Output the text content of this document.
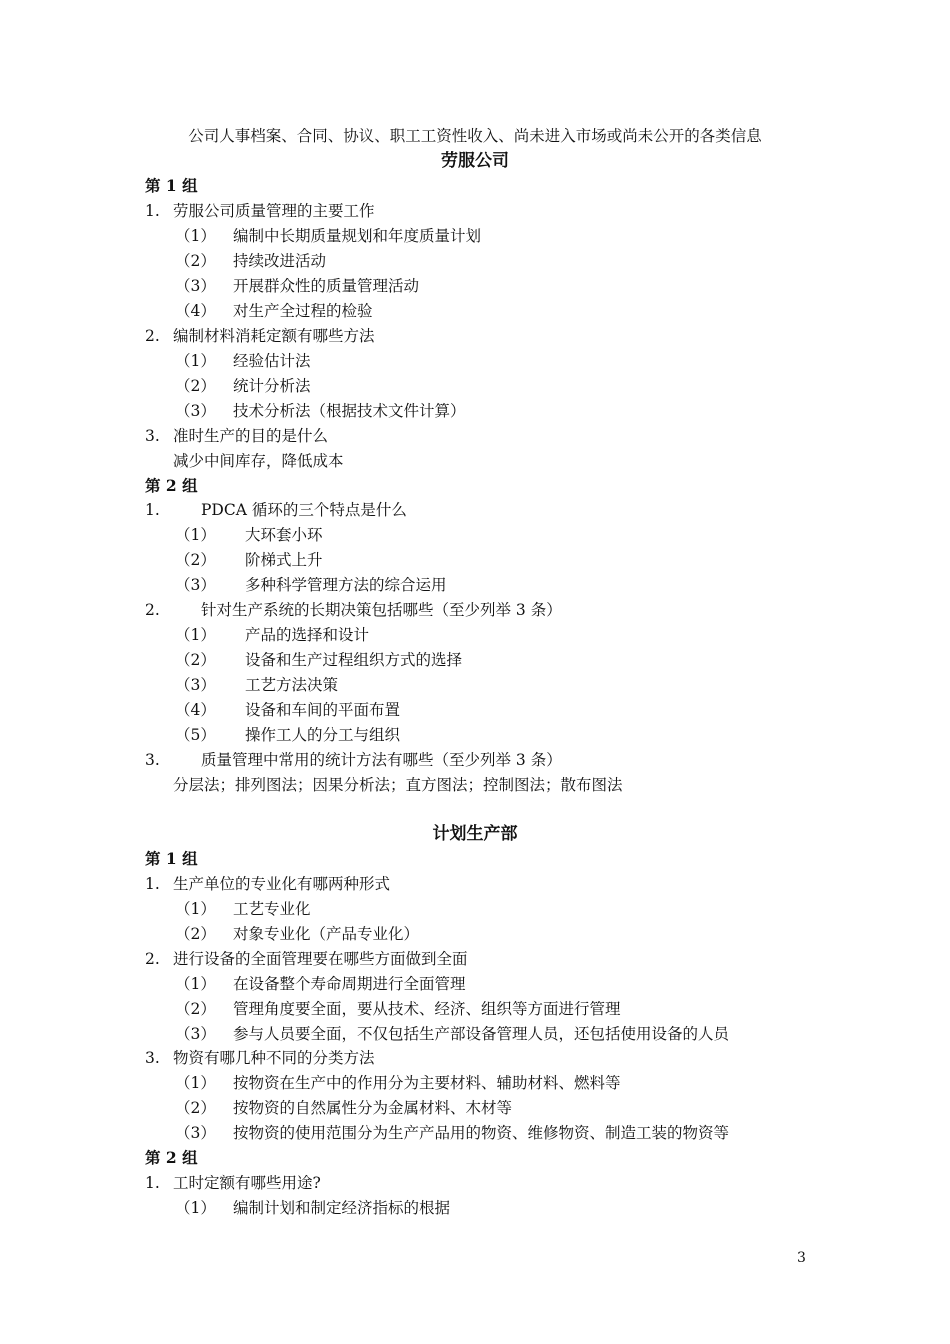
公司人事档案、合同、协议、职工工资性收入、尚未进入市场或尚未公开的各类信息
劳服公司
第 1 组
1. 劳服公司质量管理的主要工作
（1） 编制中长期质量规划和年度质量计划
（2） 持续改进活动
（3） 开展群众性的质量管理活动
（4） 对生产全过程的检验
2. 编制材料消耗定额有哪些方法
（1） 经验估计法
（2） 统计分析法
（3） 技术分析法（根据技术文件计算）
3. 准时生产的目的是什么
减少中间库存，降低成本
第 2 组
1.	PDCA 循环的三个特点是什么
（1） 大环套小环
（2） 阶梯式上升
（3） 多种科学管理方法的综合运用
2.	针对生产系统的长期决策包括哪些（至少列举 3 条）
（1） 产品的选择和设计
（2） 设备和生产过程组织方式的选择
（3） 工艺方法决策
（4） 设备和车间的平面布置
（5） 操作工人的分工与组织
3.	质量管理中常用的统计方法有哪些（至少列举 3 条）
分层法；排列图法；因果分析法；直方图法；控制图法；散布图法
计划生产部
第 1 组
1. 生产单位的专业化有哪两种形式
（1） 工艺专业化
（2） 对象专业化（产品专业化）
2. 进行设备的全面管理要在哪些方面做到全面
（1） 在设备整个寿命周期进行全面管理
（2） 管理角度要全面，要从技术、经济、组织等方面进行管理
（3） 参与人员要全面，不仅包括生产部设备管理人员，还包括使用设备的人员
3. 物资有哪几种不同的分类方法
（1） 按物资在生产中的作用分为主要材料、辅助材料、燃料等
（2） 按物资的自然属性分为金属材料、木材等
（3） 按物资的使用范围分为生产产品用的物资、维修物资、制造工装的物资等
第 2 组
1. 工时定额有哪些用途?
（1） 编制计划和制定经济指标的根据
3
